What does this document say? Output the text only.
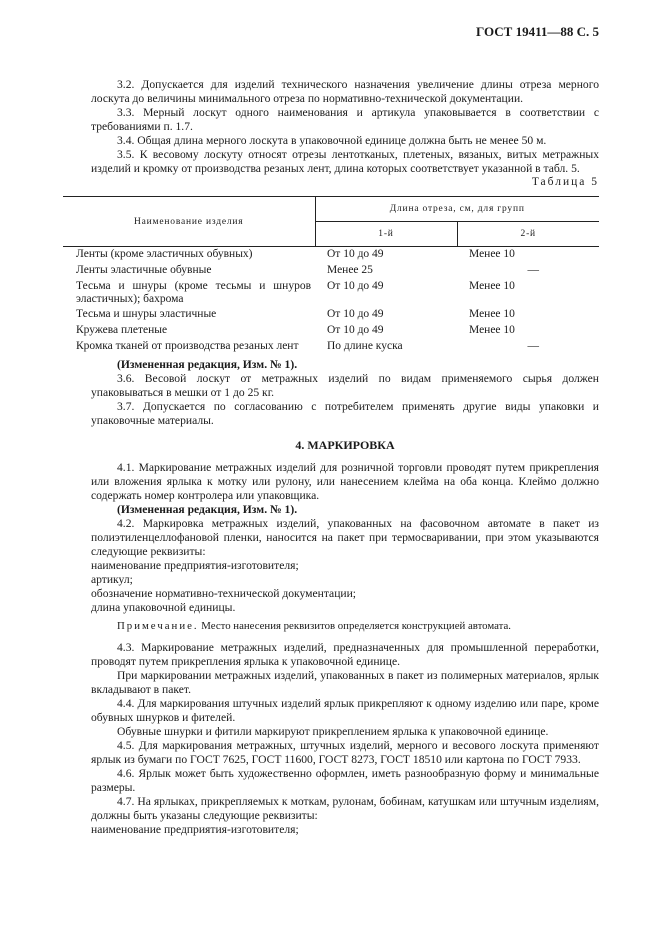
ГОСТ 19411—88 С. 5
3.2. Допускается для изделий технического назначения увеличение длины отреза мерного лоскута до величины минимального отреза по нормативно-технической документации.
3.3. Мерный лоскут одного наименования и артикула упаковывается в соответствии с требованиями п. 1.7.
3.4. Общая длина мерного лоскута в упаковочной единице должна быть не менее 50 м.
3.5. К весовому лоскуту относят отрезы лентотканых, плетеных, вязаных, витых метражных изделий и кромку от производства резаных лент, длина которых соответствует указанной в табл. 5.
Таблица 5
Наименование изделия	Длина отреза, см, для групп	
	1-й	2-й
Ленты (кроме эластичных обувных)	От 10 до 49	Менее 10
Ленты эластичные обувные	Менее 25	—
Тесьма и шнуры (кроме тесьмы и шнуров эластичных); бахрома	От 10 до 49	Менее 10
Тесьма и шнуры эластичные	От 10 до 49	Менее 10
Кружева плетеные	От 10 до 49	Менее 10
Кромка тканей от производства резаных лент	По длине куска	—
(Измененная редакция, Изм. № 1).
3.6. Весовой лоскут от метражных изделий по видам применяемого сырья должен упаковываться в мешки от 1 до 25 кг.
3.7. Допускается по согласованию с потребителем применять другие виды упаковки и упаковочные материалы.
4. МАРКИРОВКА
4.1. Маркирование метражных изделий для розничной торговли проводят путем прикрепления или вложения ярлыка к мотку или рулону, или нанесением клейма на оба конца. Клеймо должно содержать номер контролера или упаковщика.
(Измененная редакция, Изм. № 1).
4.2. Маркировка метражных изделий, упакованных на фасовочном автомате в пакет из полиэтиленцеллофановой пленки, наносится на пакет при термосваривании, при этом указываются следующие реквизиты:
наименование предприятия-изготовителя;
артикул;
обозначение нормативно-технической документации;
длина упаковочной единицы.
Примечание. Место нанесения реквизитов определяется конструкцией автомата.
4.3. Маркирование метражных изделий, предназначенных для промышленной переработки, проводят путем прикрепления ярлыка к упаковочной единице.
При маркировании метражных изделий, упакованных в пакет из полимерных материалов, ярлык вкладывают в пакет.
4.4. Для маркирования штучных изделий ярлык прикрепляют к одному изделию или паре, кроме обувных шнурков и фителей.
Обувные шнурки и фитили маркируют прикреплением ярлыка к упаковочной единице.
4.5. Для маркирования метражных, штучных изделий, мерного и весового лоскута применяют ярлык из бумаги по ГОСТ 7625, ГОСТ 11600, ГОСТ 8273, ГОСТ 18510 или картона по ГОСТ 7933.
4.6. Ярлык может быть художественно оформлен, иметь разнообразную форму и минимальные размеры.
4.7. На ярлыках, прикрепляемых к моткам, рулонам, бобинам, катушкам или штучным изделиям, должны быть указаны следующие реквизиты:
наименование предприятия-изготовителя;
